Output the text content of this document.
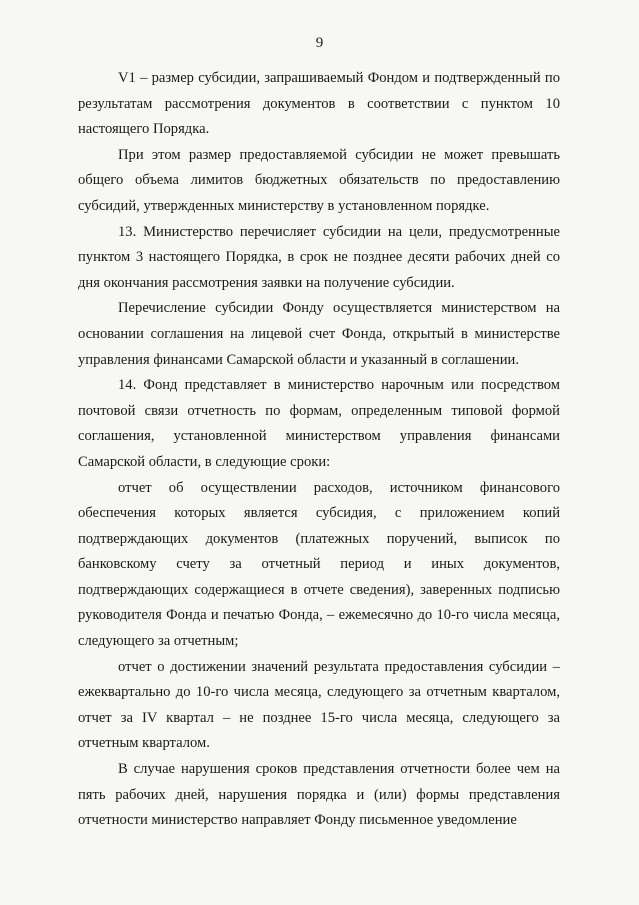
9

V1 – размер субсидии, запрашиваемый Фондом и подтвержденный по результатам рассмотрения документов в соответствии с пунктом 10 настоящего Порядка.

При этом размер предоставляемой субсидии не может превышать общего объема лимитов бюджетных обязательств по предоставлению субсидий, утвержденных министерству в установленном порядке.

13. Министерство перечисляет субсидии на цели, предусмотренные пунктом 3 настоящего Порядка, в срок не позднее десяти рабочих дней со дня окончания рассмотрения заявки на получение субсидии.

Перечисление субсидии Фонду осуществляется министерством на основании соглашения на лицевой счет Фонда, открытый в министерстве управления финансами Самарской области и указанный в соглашении.

14. Фонд представляет в министерство нарочным или посредством почтовой связи отчетность по формам, определенным типовой формой соглашения, установленной министерством управления финансами Самарской области, в следующие сроки:

отчет об осуществлении расходов, источником финансового обеспечения которых является субсидия, с приложением копий подтверждающих документов (платежных поручений, выписок по банковскому счету за отчетный период и иных документов, подтверждающих содержащиеся в отчете сведения), заверенных подписью руководителя Фонда и печатью Фонда, – ежемесячно до 10-го числа месяца, следующего за отчетным;

отчет о достижении значений результата предоставления субсидии – ежеквартально до 10-го числа месяца, следующего за отчетным кварталом, отчет за IV квартал – не позднее 15-го числа месяца, следующего за отчетным кварталом.

В случае нарушения сроков представления отчетности более чем на пять рабочих дней, нарушения порядка и (или) формы представления отчетности министерство направляет Фонду письменное уведомление
